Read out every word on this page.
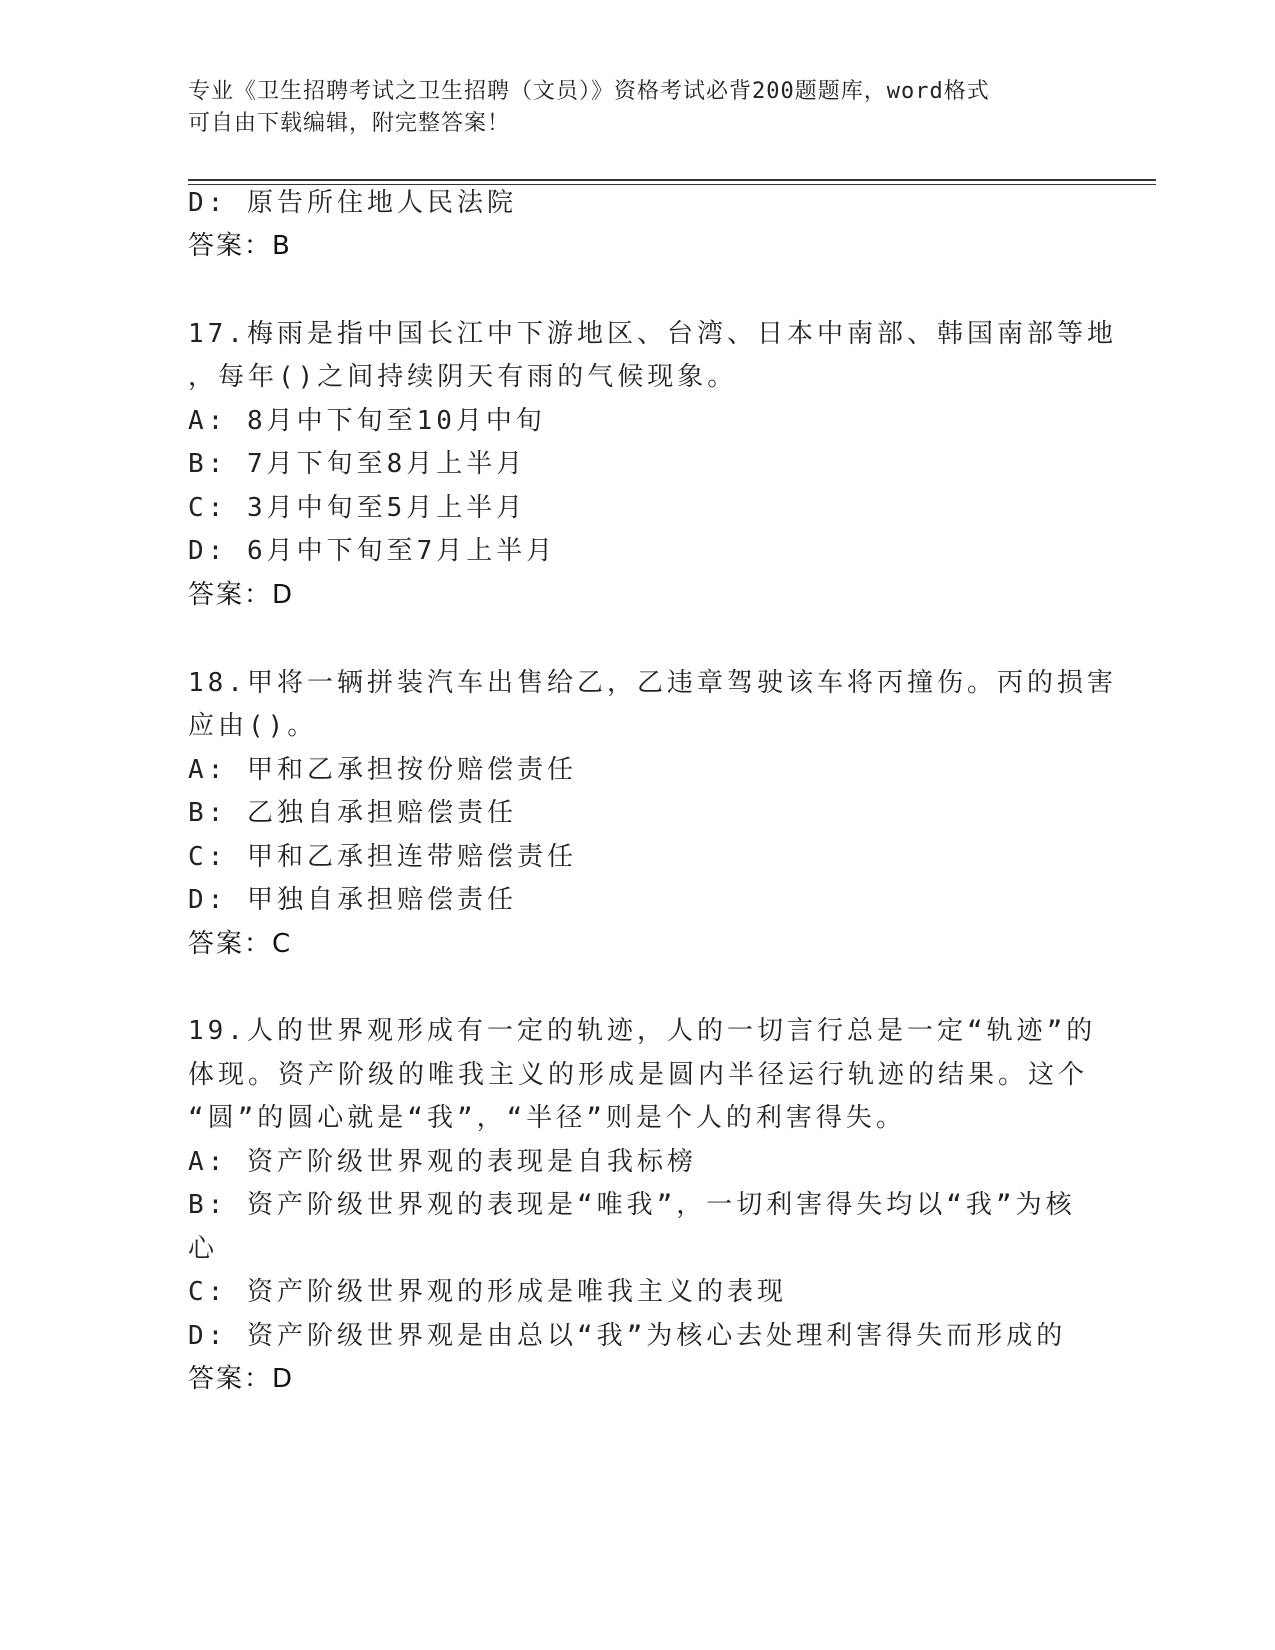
专业《卫生招聘考试之卫生招聘（文员）》资格考试必背200题题库，word格式
可自由下载编辑，附完整答案！
D: 原告所住地人民法院
答案：B
17.梅雨是指中国长江中下游地区、台湾、日本中南部、韩国南部等地
，每年()之间持续阴天有雨的气候现象。
A: 8月中下旬至10月中旬
B: 7月下旬至8月上半月
C: 3月中旬至5月上半月
D: 6月中下旬至7月上半月
答案：D
18.甲将一辆拼装汽车出售给乙，乙违章驾驶该车将丙撞伤。丙的损害
应由()。
A: 甲和乙承担按份赔偿责任
B: 乙独自承担赔偿责任
C: 甲和乙承担连带赔偿责任
D: 甲独自承担赔偿责任
答案：C
19.人的世界观形成有一定的轨迹，人的一切言行总是一定“轨迹”的
体现。资产阶级的唯我主义的形成是圆内半径运行轨迹的结果。这个
“圆”的圆心就是“我”，“半径”则是个人的利害得失。
A: 资产阶级世界观的表现是自我标榜
B: 资产阶级世界观的表现是“唯我”，一切利害得失均以“我”为核
心
C: 资产阶级世界观的形成是唯我主义的表现
D: 资产阶级世界观是由总以“我”为核心去处理利害得失而形成的
答案：D
